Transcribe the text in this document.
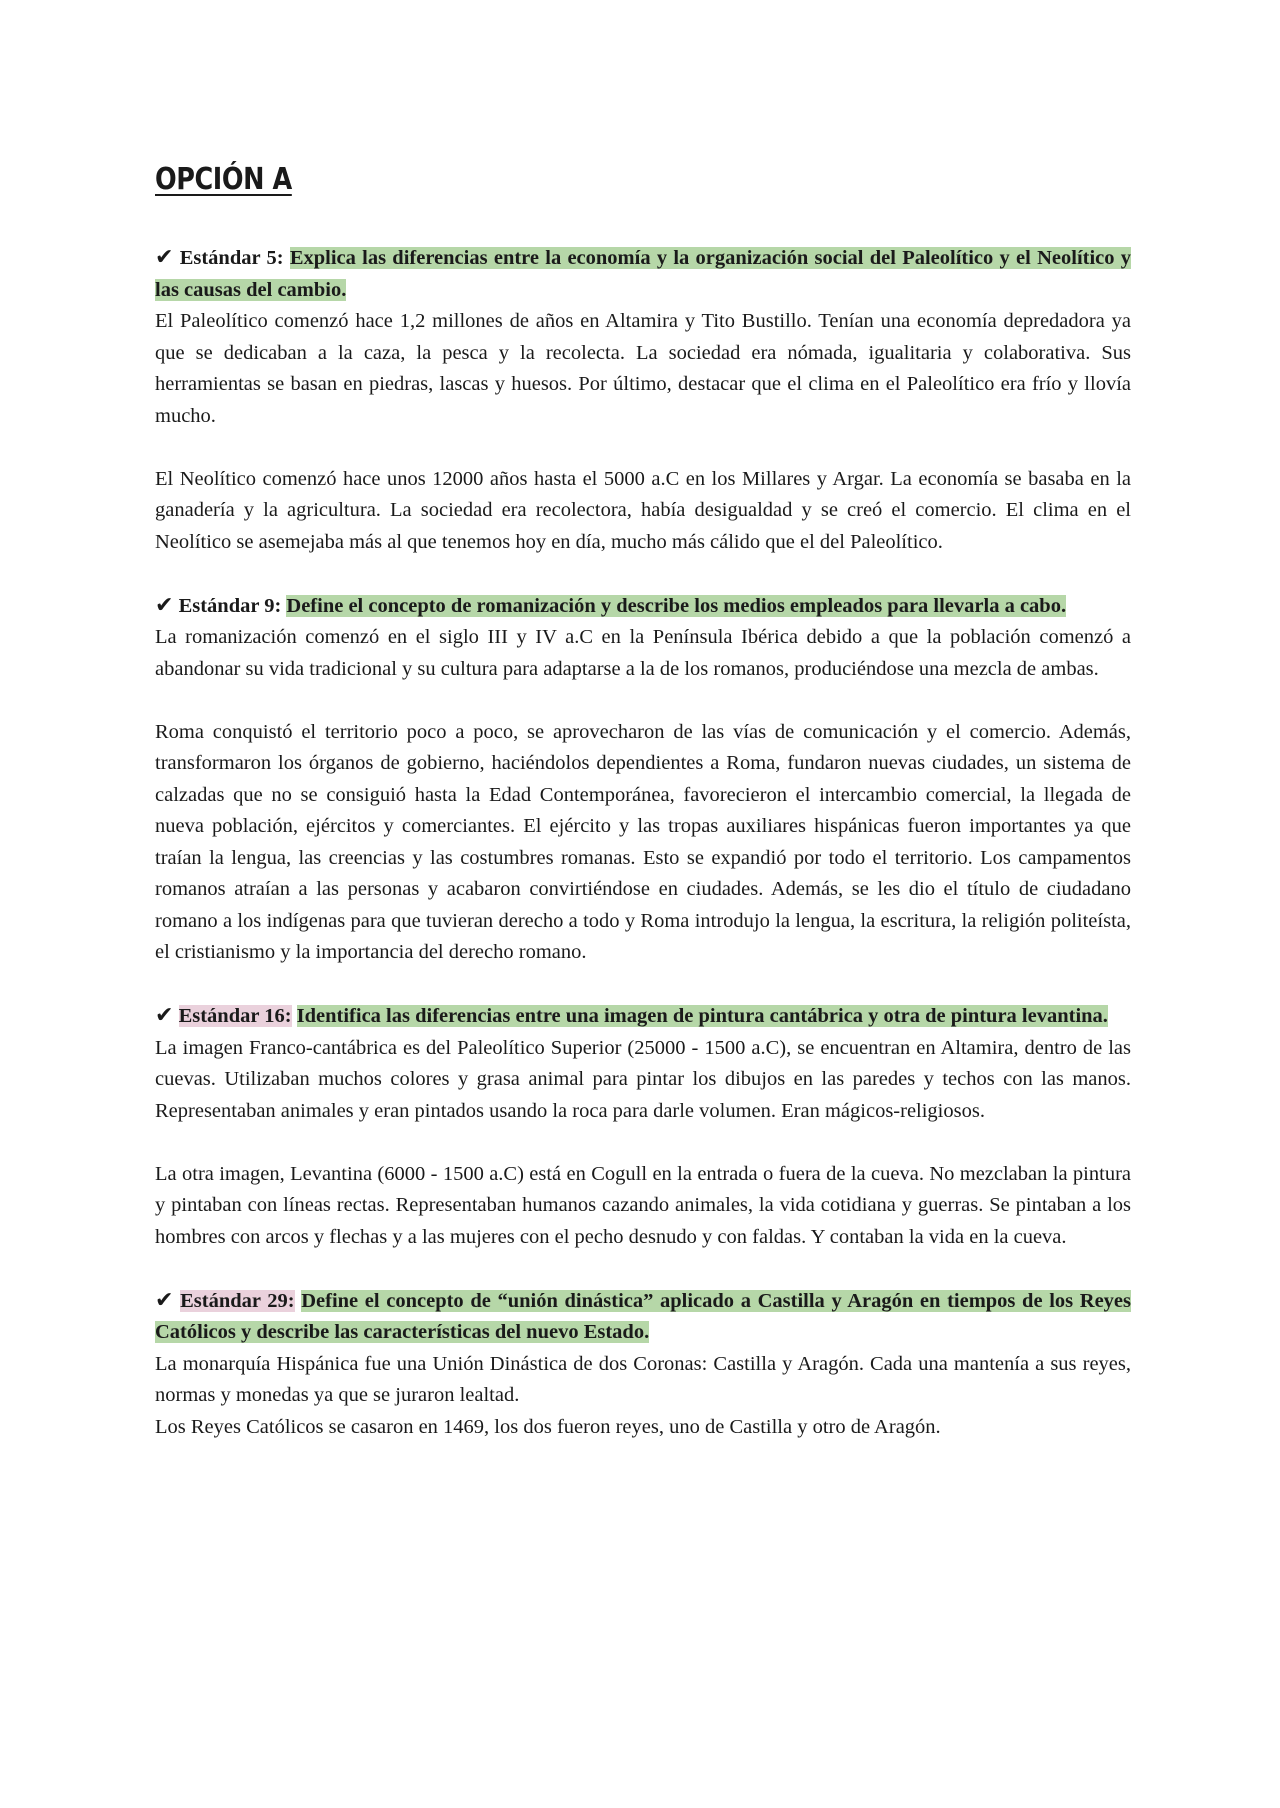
OPCIÓN A

✔ Estándar 5: Explica las diferencias entre la economía y la organización social del Paleolítico y el Neolítico y las causas del cambio.

El Paleolítico comenzó hace 1,2 millones de años en Altamira y Tito Bustillo. Tenían una economía depredadora ya que se dedicaban a la caza, la pesca y la recolecta. La sociedad era nómada, igualitaria y colaborativa. Sus herramientas se basan en piedras, lascas y huesos. Por último, destacar que el clima en el Paleolítico era frío y llovía mucho.

El Neolítico comenzó hace unos 12000 años hasta el 5000 a.C en los Millares y Argar. La economía se basaba en la ganadería y la agricultura. La sociedad era recolectora, había desigualdad y se creó el comercio. El clima en el Neolítico se asemejaba más al que tenemos hoy en día, mucho más cálido que el del Paleolítico.

✔ Estándar 9: Define el concepto de romanización y describe los medios empleados para llevarla a cabo.

La romanización comenzó en el siglo III y IV a.C en la Península Ibérica debido a que la población comenzó a abandonar su vida tradicional y su cultura para adaptarse a la de los romanos, produciéndose una mezcla de ambas.

Roma conquistó el territorio poco a poco, se aprovecharon de las vías de comunicación y el comercio. Además, transformaron los órganos de gobierno, haciéndolos dependientes a Roma, fundaron nuevas ciudades, un sistema de calzadas que no se consiguió hasta la Edad Contemporánea, favorecieron el intercambio comercial, la llegada de nueva población, ejércitos y comerciantes. El ejército y las tropas auxiliares hispánicas fueron importantes ya que traían la lengua, las creencias y las costumbres romanas. Esto se expandió por todo el territorio. Los campamentos romanos atraían a las personas y acabaron convirtiéndose en ciudades. Además, se les dio el título de ciudadano romano a los indígenas para que tuvieran derecho a todo y Roma introdujo la lengua, la escritura, la religión politeísta, el cristianismo y la importancia del derecho romano.

✔ Estándar 16: Identifica las diferencias entre una imagen de pintura cantábrica y otra de pintura levantina.

La imagen Franco-cantábrica es del Paleolítico Superior (25000 - 1500 a.C), se encuentran en Altamira, dentro de las cuevas. Utilizaban muchos colores y grasa animal para pintar los dibujos en las paredes y techos con las manos. Representaban animales y eran pintados usando la roca para darle volumen. Eran mágicos-religiosos.

La otra imagen, Levantina (6000 - 1500 a.C) está en Cogull en la entrada o fuera de la cueva. No mezclaban la pintura y pintaban con líneas rectas. Representaban humanos cazando animales, la vida cotidiana y guerras. Se pintaban a los hombres con arcos y flechas y a las mujeres con el pecho desnudo y con faldas. Y contaban la vida en la cueva.

✔ Estándar 29: Define el concepto de “unión dinástica” aplicado a Castilla y Aragón en tiempos de los Reyes Católicos y describe las características del nuevo Estado.

La monarquía Hispánica fue una Unión Dinástica de dos Coronas: Castilla y Aragón. Cada una mantenía a sus reyes, normas y monedas ya que se juraron lealtad.

Los Reyes Católicos se casaron en 1469, los dos fueron reyes, uno de Castilla y otro de Aragón.
